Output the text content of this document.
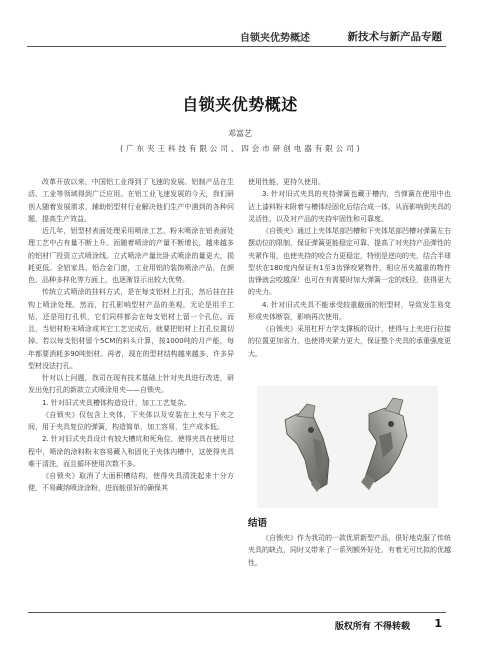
自锁夹优势概述	新技术与新产品专题
自锁夹优势概述
邓富艺
( 广 东 夹 王 科 技 有 限 公 司 、 四 会 市 研 创 电 器 有 限 公 司 )

改革开放以来，中国铝工业得到了飞速的发展。铝制产品在生活、工业等领域得到广泛应用。在铝工业飞速发展的今天，我们研创人随着发展需求，辅助铝型材行业解决他们生产中遇到的各种问题，提高生产效益。

近几年，铝型材表面处理采用喷涂工艺，粉末喷涂在铝表面处理工艺中占有量不断上升。而随着喷涂的产量不断增长，越来越多的铝材厂投资立式喷涂线。立式喷涂产量比卧式喷涂的量更大，损耗更低。全铝家具、铝合金门窗，工业用铝的装饰喷涂产品，在颜色、品种多样化等方面上，也逐渐显示出较大优势。

传统立式喷涂的挂料方式，是在每支铝材上打孔，然后挂在挂钩上喷涂处理。然而，打孔影响型材产品的美观，无论是用手工钻，还是用打孔机，它们同样都会在每支铝材上留一个孔位。而且，当铝材粉末喷涂或其它工艺完成后，就要把铝材上打孔位置切掉。若以每支铝材留个5CM的料头计算，按1000吨的月产能，每年都要消耗多90吨铝材。再者，现在的型材结构越来越多，许多异型材没法打孔。

针对以上问题，我司在现有技术基础上针对夹具进行改进，研发出免打孔的新款立式喷涂用夹——自锁夹。

1. 针对旧式夹具槽体构造设计，加工工艺复杂。

《自锁夹》仅包含上夹体，下夹体以及安装在上夹与下夹之间，用于夹具复位的弹簧，构造简单，加工容易，生产成本低。

2. 针对旧式夹具设计有较大槽坑和死角位，使得夹具在使用过程中，喷涂的涂料粉末容易藏入和固化于夹体内槽中，这使得夹具难于清洗，而且循环使用次数不多。

《自锁夹》取消了大面积槽结构，使得夹具清洗起来十分方便，不易藏纳喷涂涂粉，进而能很好的确保其

使用性能，更持久使用。

3. 针对旧式夹具的夹持弹簧也藏于槽内，当弹簧在使用中也沾上漆料粉末附着与槽体经固化后结合成一体，从而影响到夹具的灵活性，以及对产品的夹持牢固性和可靠度。

《自锁夹》通过上夹体尾部凹槽和下夹体尾部凹槽对弹簧左右摆动位的限制，保证弹簧更能稳定可靠，提高了对夹持产品弹性的夹紧作用，也使夹持的咬合力更稳定，特别是逆向的夹，结合半球型状在180度内保证有1至3齿锋咬紧物件，相应吊夹越重的物件齿锋就会咬越深！也可在有需要时加大弹簧一定的线径，获得更大的夹力。

4. 针对旧式夹具不能承受较重截面的铝型材，导致发生易变形或夹体断裂，影响再次使用。

《自锁夹》采用杠杆力学支撑板的设计，使得与上夹进行拉接的位置更加省力，也使得夹紧力更大，保证整个夹具的承重强度更大。

结语

《自锁夹》作为我司的一款优质新型产品，很好地克服了传统夹具的缺点，同时又带来了一系列额外好处，有着无可比拟的优越性。

版权所有 不得转载 1
